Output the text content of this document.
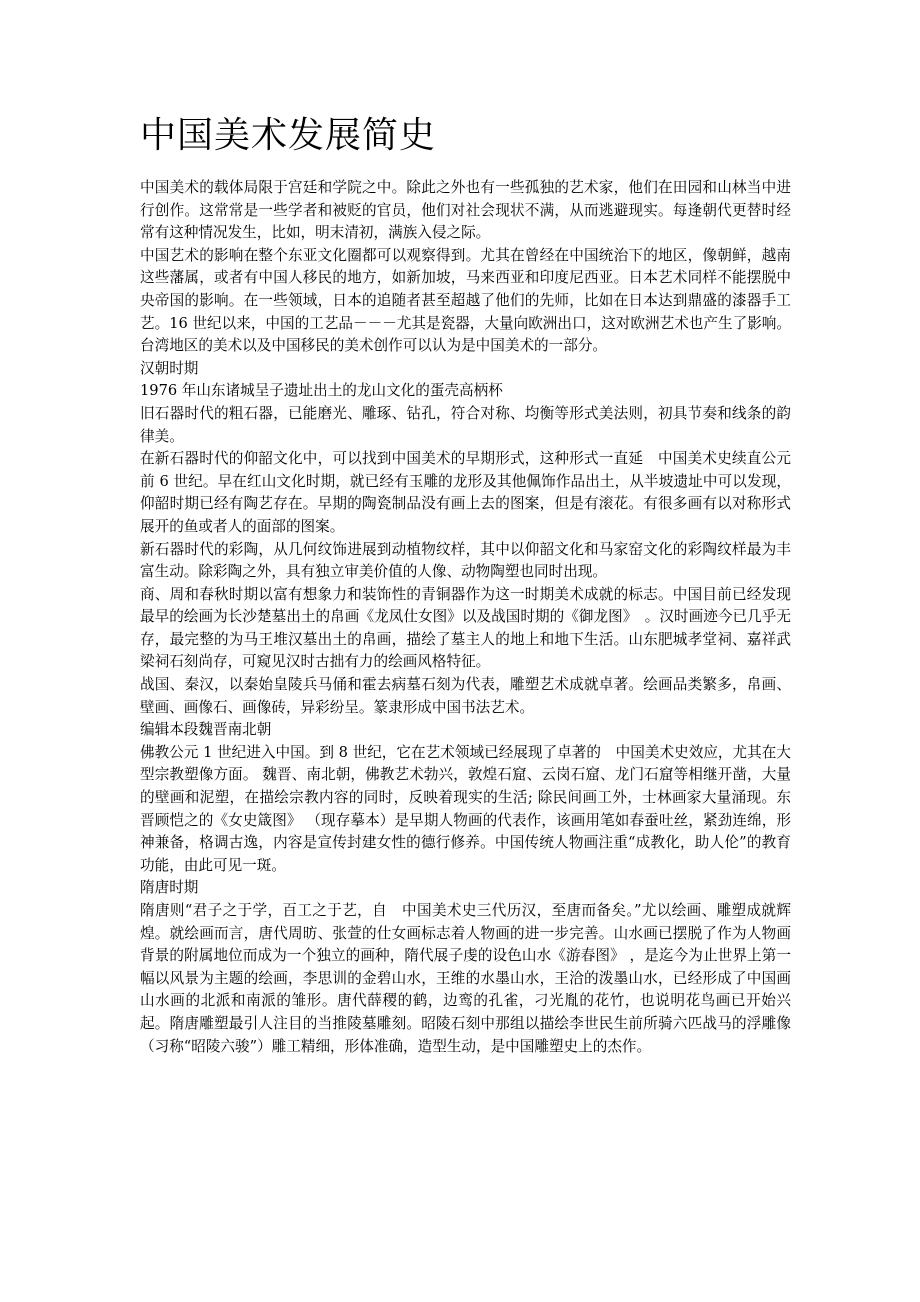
中国美术发展简史

中国美术的载体局限于宫廷和学院之中。除此之外也有一些孤独的艺术家，他们在田园和山林当中进行创作。这常常是一些学者和被贬的官员，他们对社会现状不满，从而逃避现实。每逢朝代更替时经常有这种情况发生，比如，明末清初，满族入侵之际。

中国艺术的影响在整个东亚文化圈都可以观察得到。尤其在曾经在中国统治下的地区，像朝鲜，越南这些藩属，或者有中国人移民的地方，如新加坡，马来西亚和印度尼西亚。日本艺术同样不能摆脱中央帝国的影响。在一些领域，日本的追随者甚至超越了他们的先师，比如在日本达到鼎盛的漆器手工艺。16 世纪以来，中国的工艺品－－－尤其是瓷器，大量向欧洲出口，这对欧洲艺术也产生了影响。台湾地区的美术以及中国移民的美术创作可以认为是中国美术的一部分。

汉朝时期

1976 年山东诸城呈子遗址出土的龙山文化的蛋壳高柄杯

旧石器时代的粗石器，已能磨光、雕琢、钻孔，符合对称、均衡等形式美法则，初具节奏和线条的韵律美。

在新石器时代的仰韶文化中，可以找到中国美术的早期形式，这种形式一直延　中国美术史续直公元前 6 世纪。早在红山文化时期，就已经有玉雕的龙形及其他佩饰作品出土，从半坡遗址中可以发现，仰韶时期已经有陶艺存在。早期的陶瓷制品没有画上去的图案，但是有滚花。有很多画有以对称形式展开的鱼或者人的面部的图案。

新石器时代的彩陶，从几何纹饰进展到动植物纹样，其中以仰韶文化和马家窑文化的彩陶纹样最为丰富生动。除彩陶之外，具有独立审美价值的人像、动物陶塑也同时出现。

商、周和春秋时期以富有想象力和装饰性的青铜器作为这一时期美术成就的标志。中国目前已经发现最早的绘画为长沙楚墓出土的帛画《龙凤仕女图》以及战国时期的《御龙图》　。汉时画迹今已几乎无存，最完整的为马王堆汉墓出土的帛画，描绘了墓主人的地上和地下生活。山东肥城孝堂祠、嘉祥武梁祠石刻尚存，可窥见汉时古拙有力的绘画风格特征。

战国、秦汉，以秦始皇陵兵马俑和霍去病墓石刻为代表，雕塑艺术成就卓著。绘画品类繁多，帛画、壁画、画像石、画像砖，异彩纷呈。篆隶形成中国书法艺术。

编辑本段魏晋南北朝

佛教公元 1 世纪进入中国。到 8 世纪，它在艺术领域已经展现了卓著的　中国美术史效应，尤其在大型宗教塑像方面。 魏晋、南北朝，佛教艺术勃兴，敦煌石窟、云岗石窟、龙门石窟等相继开凿，大量的壁画和泥塑，在描绘宗教内容的同时，反映着现实的生活; 除民间画工外，士林画家大量涌现。东晋顾恺之的《女史箴图》 （现存摹本）是早期人物画的代表作，该画用笔如春蚕吐丝，紧劲连绵，形神兼备，格调古逸，内容是宣传封建女性的德行修养。中国传统人物画注重“成教化，助人伦”的教育功能，由此可见一斑。

隋唐时期

隋唐则“君子之于学，百工之于艺，自　中国美术史三代历汉，至唐而备矣。”尤以绘画、雕塑成就辉煌。就绘画而言，唐代周昉、张萱的仕女画标志着人物画的进一步完善。山水画已摆脱了作为人物画背景的附属地位而成为一个独立的画种，隋代展子虔的设色山水《游春图》 ，是迄今为止世界上第一幅以风景为主题的绘画，李思训的金碧山水，王维的水墨山水，王洽的泼墨山水，已经形成了中国画山水画的北派和南派的雏形。唐代薛稷的鹤，边鸾的孔雀，刁光胤的花竹，也说明花鸟画已开始兴起。隋唐雕塑最引人注目的当推陵墓雕刻。昭陵石刻中那组以描绘李世民生前所骑六匹战马的浮雕像（习称“昭陵六骏”）雕工精细，形体准确，造型生动，是中国雕塑史上的杰作。
